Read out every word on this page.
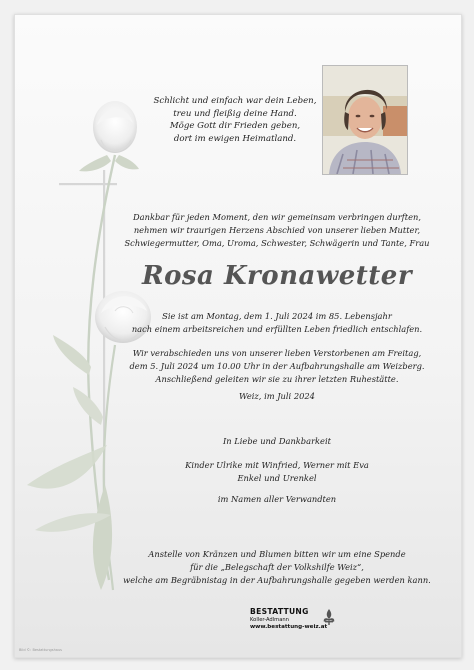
Schlicht und einfach war dein Leben,
treu und fleißig deine Hand.
Möge Gott dir Frieden geben,
dort im ewigen Heimatland.
Dankbar für jeden Moment, den wir gemeinsam verbringen durften,
nehmen wir traurigen Herzens Abschied von unserer lieben Mutter,
Schwiegermutter, Oma, Uroma, Schwester, Schwägerin und Tante, Frau
Rosa Kronawetter
Sie ist am Montag, dem 1. Juli 2024 im 85. Lebensjahr
nach einem arbeitsreichen und erfüllten Leben friedlich entschlafen.
Wir verabschieden uns von unserer lieben Verstorbenen am Freitag,
dem 5. Juli 2024 um 10.00 Uhr in der Aufbahrungshalle am Weizberg.
Anschließend geleiten wir sie zu ihrer letzten Ruhestätte.
Weiz, im Juli 2024
In Liebe und Dankbarkeit
Kinder Ulrike mit Winfried, Werner mit Eva
Enkel und Urenkel
im Namen aller Verwandten
Anstelle von Kränzen und Blumen bitten wir um eine Spende
für die „Belegschaft der Volkshilfe Weiz“,
welche am Begräbnistag in der Aufbahrungshalle gegeben werden kann.
BESTATTUNG
Koller-Adlmann
www.bestattung-weiz.at
Bild ©: Bestattungshaus
